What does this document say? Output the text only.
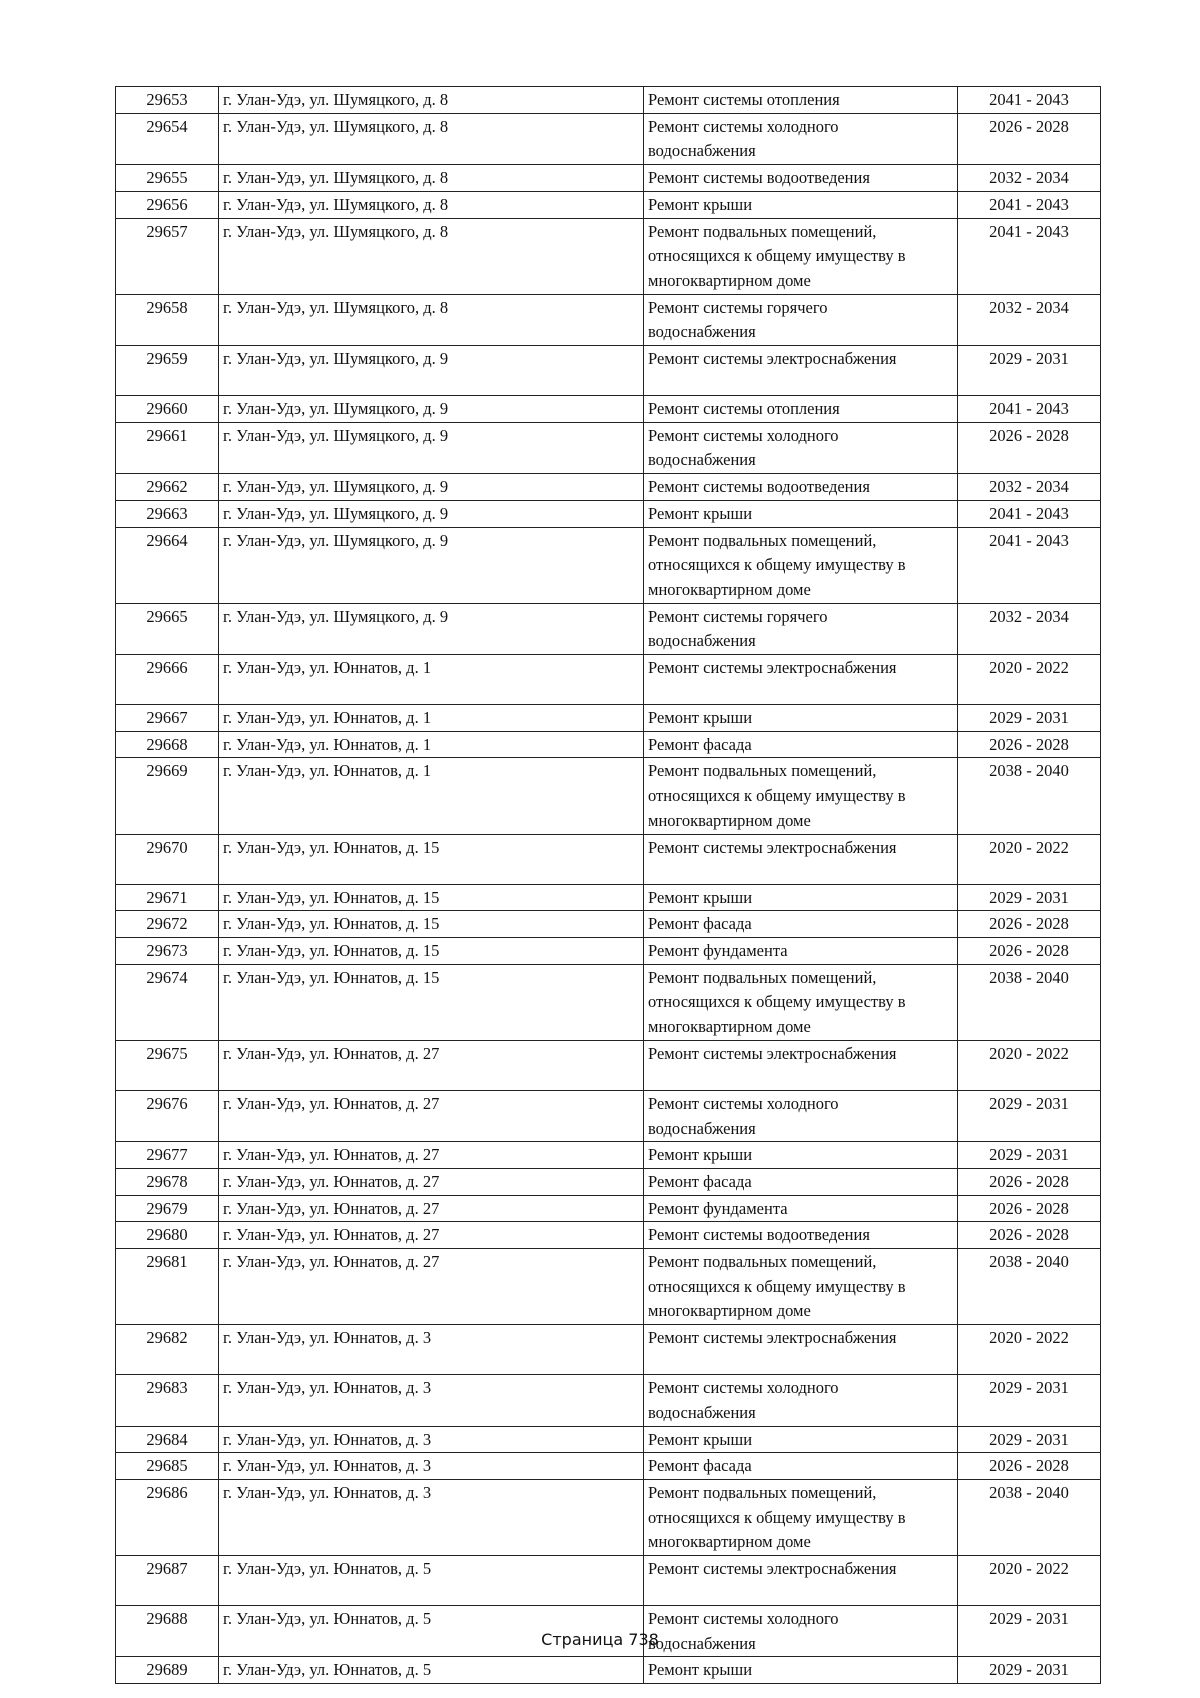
29653	г. Улан-Удэ, ул. Шумяцкого, д. 8	Ремонт системы отопления	2041 - 2043
29654	г. Улан-Удэ, ул. Шумяцкого, д. 8	Ремонт системы холодного
водоснабжения	2026 - 2028
29655	г. Улан-Удэ, ул. Шумяцкого, д. 8	Ремонт системы водоотведения	2032 - 2034
29656	г. Улан-Удэ, ул. Шумяцкого, д. 8	Ремонт крыши	2041 - 2043
29657	г. Улан-Удэ, ул. Шумяцкого, д. 8	Ремонт подвальных помещений,
относящихся к общему имуществу в
многоквартирном доме	2041 - 2043
29658	г. Улан-Удэ, ул. Шумяцкого, д. 8	Ремонт системы горячего
водоснабжения	2032 - 2034
29659	г. Улан-Удэ, ул. Шумяцкого, д. 9	Ремонт системы электроснабжения	2029 - 2031
29660	г. Улан-Удэ, ул. Шумяцкого, д. 9	Ремонт системы отопления	2041 - 2043
29661	г. Улан-Удэ, ул. Шумяцкого, д. 9	Ремонт системы холодного
водоснабжения	2026 - 2028
29662	г. Улан-Удэ, ул. Шумяцкого, д. 9	Ремонт системы водоотведения	2032 - 2034
29663	г. Улан-Удэ, ул. Шумяцкого, д. 9	Ремонт крыши	2041 - 2043
29664	г. Улан-Удэ, ул. Шумяцкого, д. 9	Ремонт подвальных помещений,
относящихся к общему имуществу в
многоквартирном доме	2041 - 2043
29665	г. Улан-Удэ, ул. Шумяцкого, д. 9	Ремонт системы горячего
водоснабжения	2032 - 2034
29666	г. Улан-Удэ, ул. Юннатов, д. 1	Ремонт системы электроснабжения	2020 - 2022
29667	г. Улан-Удэ, ул. Юннатов, д. 1	Ремонт крыши	2029 - 2031
29668	г. Улан-Удэ, ул. Юннатов, д. 1	Ремонт фасада	2026 - 2028
29669	г. Улан-Удэ, ул. Юннатов, д. 1	Ремонт подвальных помещений,
относящихся к общему имуществу в
многоквартирном доме	2038 - 2040
29670	г. Улан-Удэ, ул. Юннатов, д. 15	Ремонт системы электроснабжения	2020 - 2022
29671	г. Улан-Удэ, ул. Юннатов, д. 15	Ремонт крыши	2029 - 2031
29672	г. Улан-Удэ, ул. Юннатов, д. 15	Ремонт фасада	2026 - 2028
29673	г. Улан-Удэ, ул. Юннатов, д. 15	Ремонт фундамента	2026 - 2028
29674	г. Улан-Удэ, ул. Юннатов, д. 15	Ремонт подвальных помещений,
относящихся к общему имуществу в
многоквартирном доме	2038 - 2040
29675	г. Улан-Удэ, ул. Юннатов, д. 27	Ремонт системы электроснабжения	2020 - 2022
29676	г. Улан-Удэ, ул. Юннатов, д. 27	Ремонт системы холодного
водоснабжения	2029 - 2031
29677	г. Улан-Удэ, ул. Юннатов, д. 27	Ремонт крыши	2029 - 2031
29678	г. Улан-Удэ, ул. Юннатов, д. 27	Ремонт фасада	2026 - 2028
29679	г. Улан-Удэ, ул. Юннатов, д. 27	Ремонт фундамента	2026 - 2028
29680	г. Улан-Удэ, ул. Юннатов, д. 27	Ремонт системы водоотведения	2026 - 2028
29681	г. Улан-Удэ, ул. Юннатов, д. 27	Ремонт подвальных помещений,
относящихся к общему имуществу в
многоквартирном доме	2038 - 2040
29682	г. Улан-Удэ, ул. Юннатов, д. 3	Ремонт системы электроснабжения	2020 - 2022
29683	г. Улан-Удэ, ул. Юннатов, д. 3	Ремонт системы холодного
водоснабжения	2029 - 2031
29684	г. Улан-Удэ, ул. Юннатов, д. 3	Ремонт крыши	2029 - 2031
29685	г. Улан-Удэ, ул. Юннатов, д. 3	Ремонт фасада	2026 - 2028
29686	г. Улан-Удэ, ул. Юннатов, д. 3	Ремонт подвальных помещений,
относящихся к общему имуществу в
многоквартирном доме	2038 - 2040
29687	г. Улан-Удэ, ул. Юннатов, д. 5	Ремонт системы электроснабжения	2020 - 2022
29688	г. Улан-Удэ, ул. Юннатов, д. 5	Ремонт системы холодного
водоснабжения	2029 - 2031
29689	г. Улан-Удэ, ул. Юннатов, д. 5	Ремонт крыши	2029 - 2031
Страница 738
